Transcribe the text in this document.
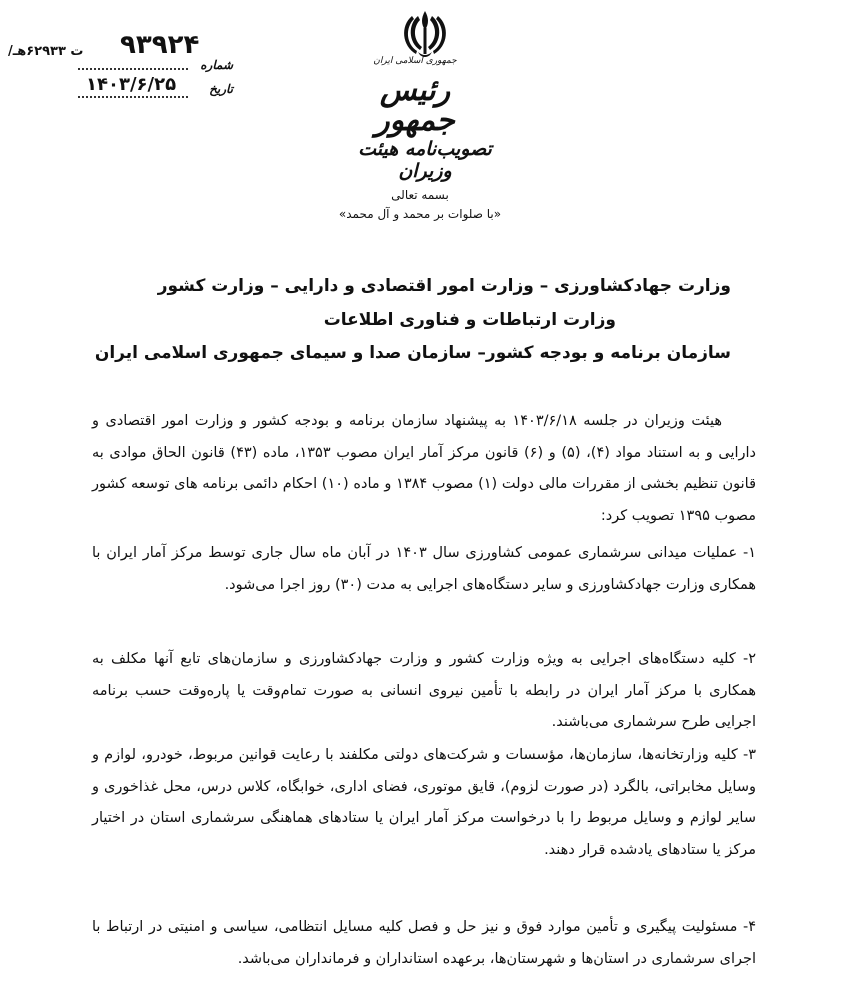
جمهوری اسلامی ایران
رئیس جمهور
تصویب‌نامه هیئت وزیران
۹۳۹۲۴
/ت ۶۲۹۳۳هـ
شماره
۱۴۰۳/۶/۲۵	تاریخ
بسمه تعالی
«با صلوات بر محمد و آل محمد»
وزارت جهادکشاورزی – وزارت امور اقتصادی و دارایی – وزارت کشور
وزارت ارتباطات و فناوری اطلاعات
سازمان برنامه و بودجه کشور– سازمان صدا و سیمای جمهوری اسلامی ایران

هیئت وزیران در جلسه ۱۴۰۳/۶/۱۸ به پیشنهاد سازمان برنامه و بودجه کشور و وزارت امور اقتصادی و دارایی و به استناد مواد (۴)، (۵) و (۶) قانون مرکز آمار ایران مصوب ۱۳۵۳، ماده (۴۳) قانون الحاق موادی به قانون تنظیم بخشی از مقررات مالی دولت (۱) مصوب ۱۳۸۴ و ماده (۱۰) احکام دائمی برنامه های توسعه کشور مصوب ۱۳۹۵ تصویب کرد:

۱- عملیات میدانی سرشماری عمومی کشاورزی سال ۱۴۰۳ در آبان ماه سال جاری توسط مرکز آمار ایران با همکاری وزارت جهادکشاورزی و سایر دستگاه‌های اجرایی به مدت (۳۰) روز اجرا می‌شود.

۲- کلیه دستگاه‌های اجرایی به ویژه وزارت کشور و وزارت جهادکشاورزی و سازمان‌های تابع آنها مکلف به همکاری با مرکز آمار ایران در رابطه با تأمین نیروی انسانی به صورت تمام‌وقت یا پاره‌وقت حسب برنامه اجرایی طرح سرشماری می‌باشند.

۳- کلیه وزارتخانه‌ها، سازمان‌ها، مؤسسات و شرکت‌های دولتی مکلفند با رعایت قوانین مربوط، خودرو، لوازم و وسایل مخابراتی، بالگرد (در صورت لزوم)، قایق موتوری، فضای اداری، خوابگاه، کلاس درس، محل غذاخوری و سایر لوازم و وسایل مربوط را با درخواست مرکز آمار ایران یا ستادهای هماهنگی سرشماری استان در اختیار مرکز یا ستادهای یادشده قرار دهند.

۴- مسئولیت پیگیری و تأمین موارد فوق و نیز حل و فصل کلیه مسایل انتظامی، سیاسی و امنیتی در ارتباط با اجرای سرشماری در استان‌ها و شهرستان‌ها، برعهده استانداران و فرمانداران می‌باشد.
